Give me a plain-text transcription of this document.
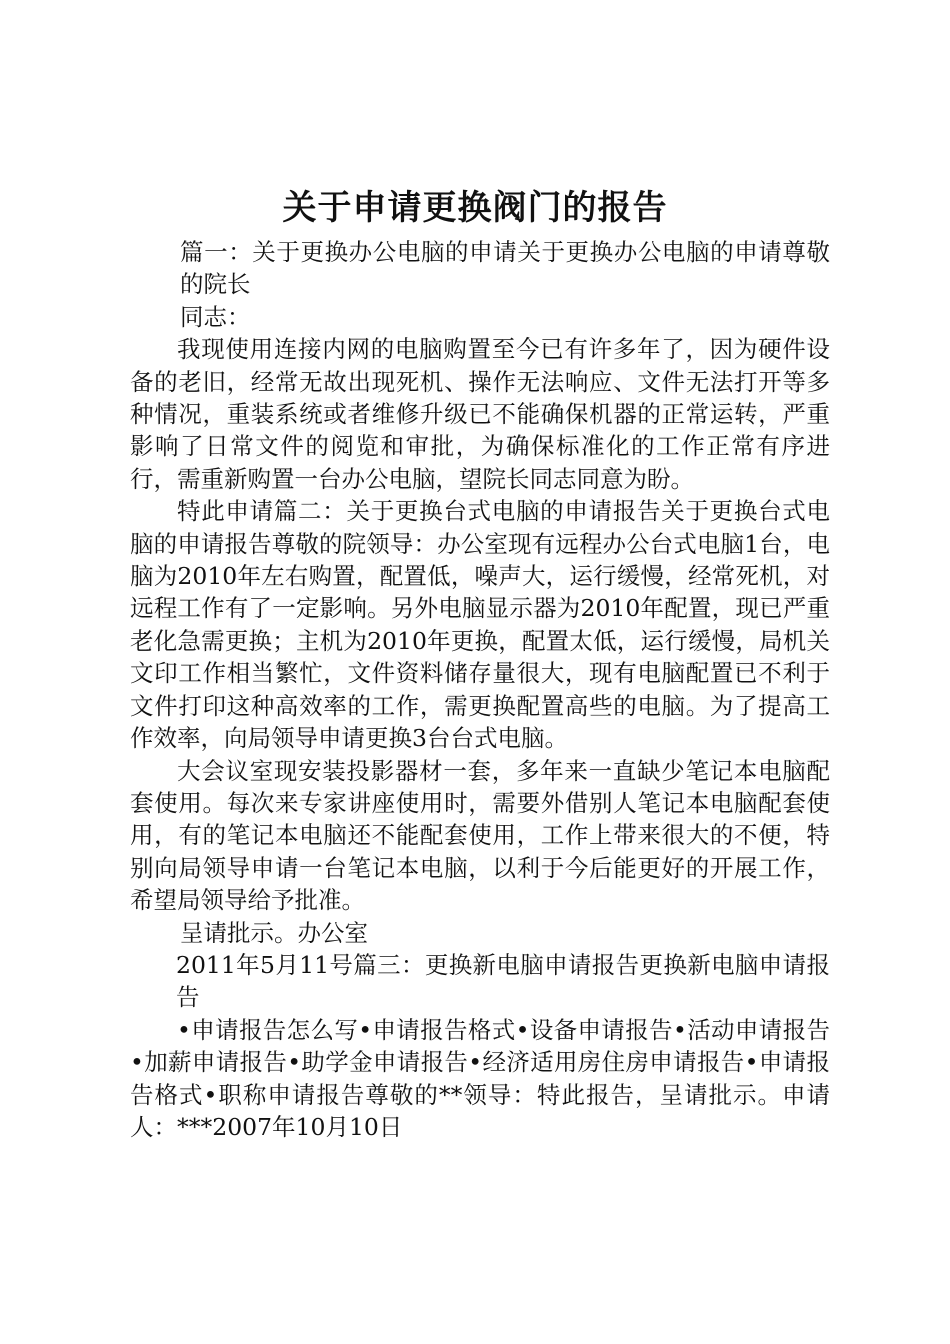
关于申请更换阀门的报告

篇一：关于更换办公电脑的申请关于更换办公电脑的申请尊敬的院长

同志：

我现使用连接内网的电脑购置至今已有许多年了，因为硬件设备的老旧，经常无故出现死机、操作无法响应、文件无法打开等多种情况，重装系统或者维修升级已不能确保机器的正常运转，严重影响了日常文件的阅览和审批，为确保标准化的工作正常有序进行，需重新购置一台办公电脑，望院长同志同意为盼。

特此申请篇二：关于更换台式电脑的申请报告关于更换台式电脑的申请报告尊敬的院领导：办公室现有远程办公台式电脑1台，电脑为2010年左右购置，配置低，噪声大，运行缓慢，经常死机，对远程工作有了一定影响。另外电脑显示器为2010年配置，现已严重老化急需更换；主机为2010年更换，配置太低，运行缓慢，局机关文印工作相当繁忙，文件资料储存量很大，现有电脑配置已不利于文件打印这种高效率的工作，需更换配置高些的电脑。为了提高工作效率，向局领导申请更换3台台式电脑。

大会议室现安装投影器材一套，多年来一直缺少笔记本电脑配套使用。每次来专家讲座使用时，需要外借别人笔记本电脑配套使用，有的笔记本电脑还不能配套使用，工作上带来很大的不便，特别向局领导申请一台笔记本电脑，以利于今后能更好的开展工作，希望局领导给予批准。

呈请批示。办公室

2011年5月11号篇三：更换新电脑申请报告更换新电脑申请报告

•申请报告怎么写•申请报告格式•设备申请报告•活动申请报告•加薪申请报告•助学金申请报告•经济适用房住房申请报告•申请报告格式•职称申请报告尊敬的**领导：特此报告，呈请批示。申请人：***2007年10月10日
